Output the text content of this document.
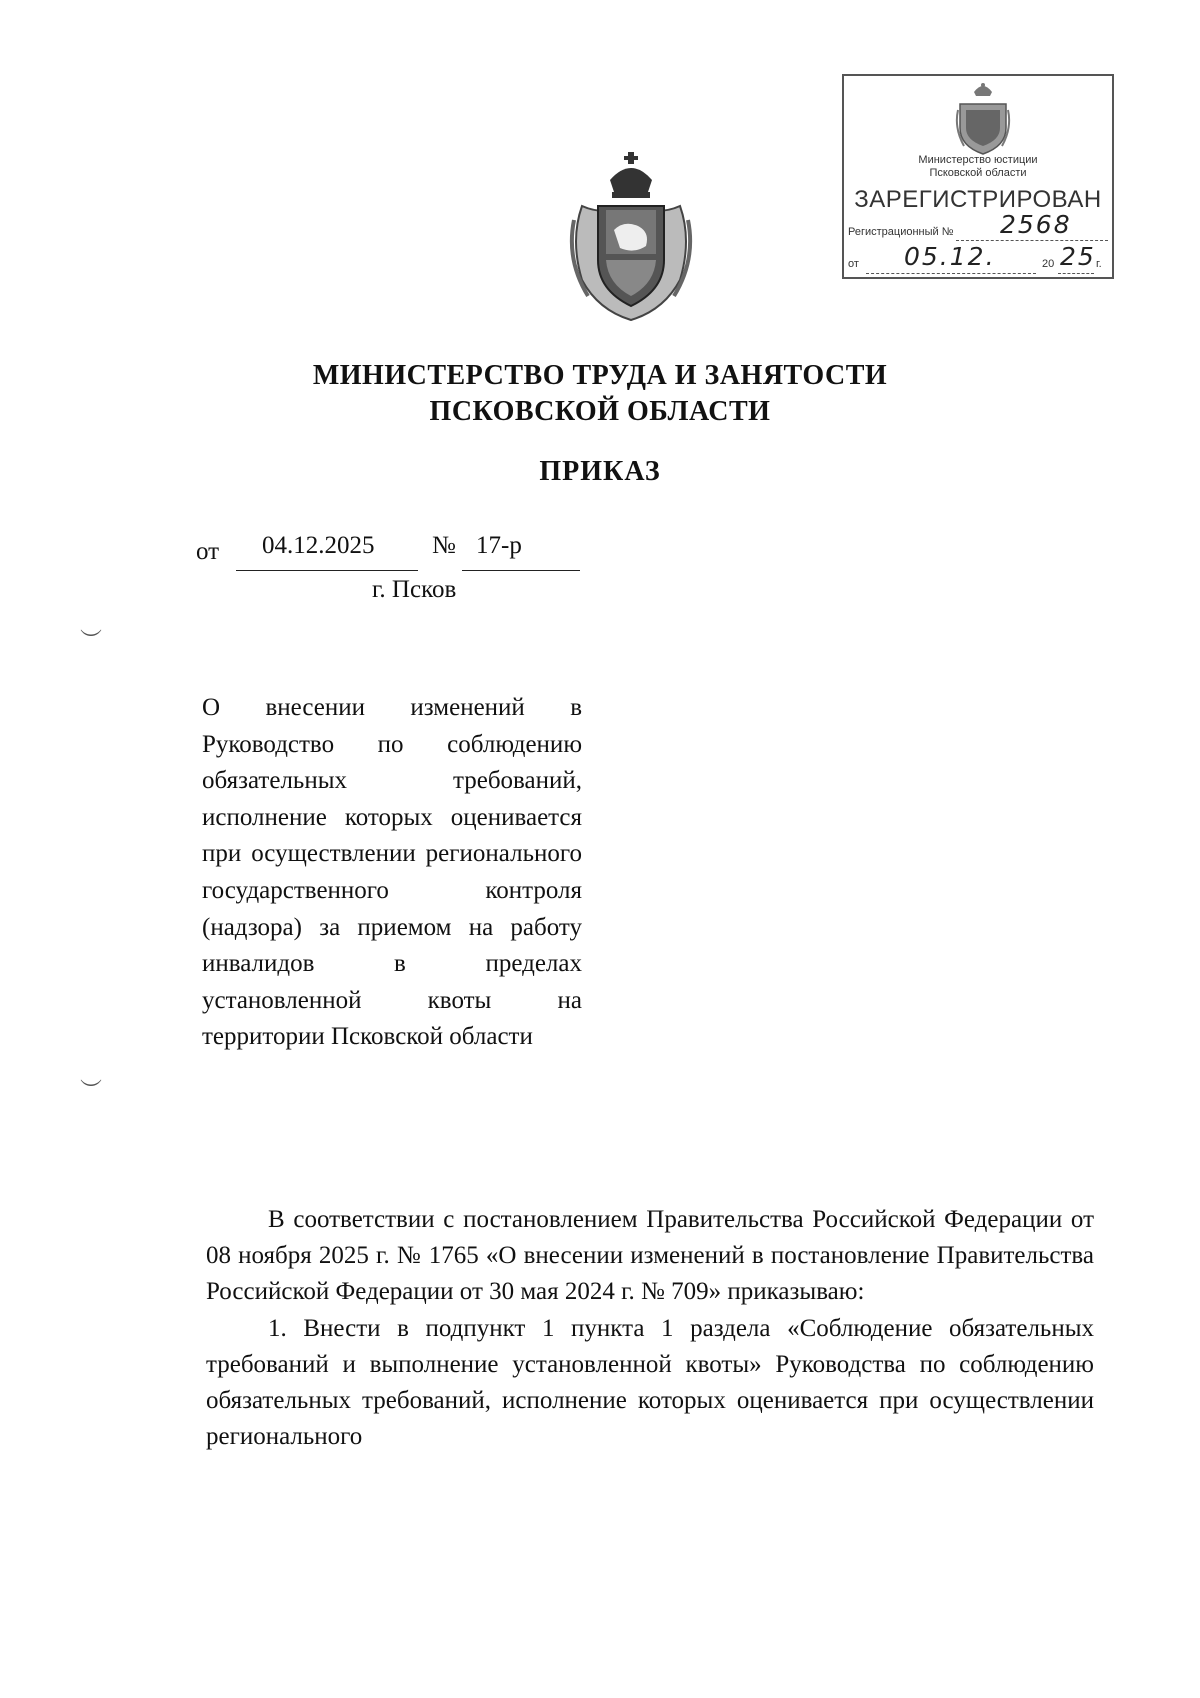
Министерство юстиции
Псковской области
ЗАРЕГИСТРИРОВАН
Регистрационный № 2568
от 05.12.	20 25 г.
МИНИСТЕРСТВО ТРУДА И ЗАНЯТОСТИ
ПСКОВСКОЙ ОБЛАСТИ
ПРИКАЗ
от 04.12.2025 № 17-р
г. Псков
︶
︶
О внесении изменений в Руководство по соблюдению обязательных требований, исполнение которых оценивается при осуществлении регионального государственного контроля (надзора) за приемом на работу инвалидов в пределах установленной квоты на территории Псковской области

В соответствии с постановлением Правительства Российской Федерации от 08 ноября 2025 г. № 1765 «О внесении изменений в постановление Правительства Российской Федерации от 30 мая 2024 г. № 709» приказываю:

1. Внести в подпункт 1 пункта 1 раздела «Соблюдение обязательных требований и выполнение установленной квоты» Руководства по соблюдению обязательных требований, исполнение которых оценивается при осуществлении регионального
